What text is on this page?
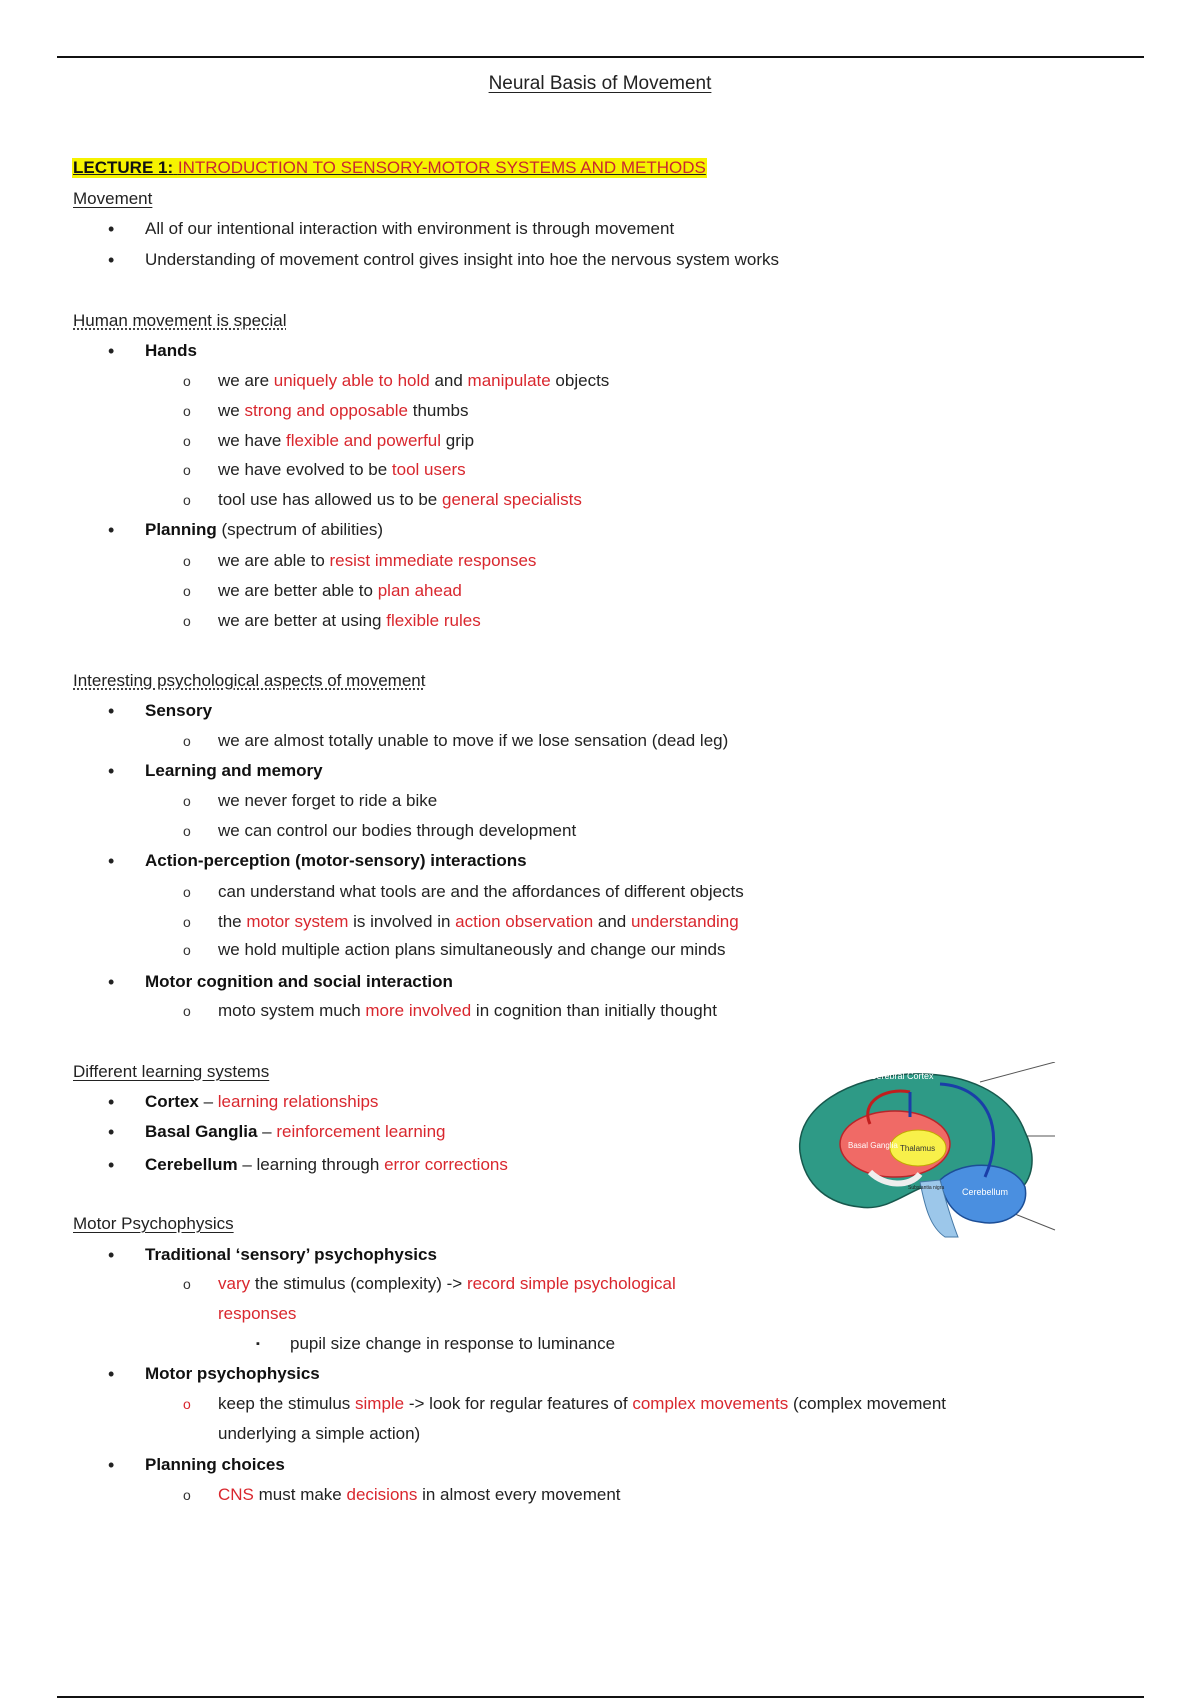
Neural Basis of Movement
LECTURE 1: INTRODUCTION TO SENSORY-MOTOR SYSTEMS AND METHODS
Movement
• All of our intentional interaction with environment is through movement
• Understanding of movement control gives insight into hoe the nervous system works
Human movement is special
• Hands
o we are uniquely able to hold and manipulate objects
o we strong and opposable thumbs
o we have flexible and powerful grip
o we have evolved to be tool users
o tool use has allowed us to be general specialists
• Planning (spectrum of abilities)
o we are able to resist immediate responses
o we are better able to plan ahead
o we are better at using flexible rules
Interesting psychological aspects of movement
• Sensory
o we are almost totally unable to move if we lose sensation (dead leg)
• Learning and memory
o we never forget to ride a bike
o we can control our bodies through development
• Action-perception (motor-sensory) interactions
o can understand what tools are and the affordances of different objects
o the motor system is involved in action observation and understanding
o we hold multiple action plans simultaneously and change our minds
• Motor cognition and social interaction
o moto system much more involved in cognition than initially thought
Different learning systems
• Cortex – learning relationships
• Basal Ganglia – reinforcement learning
• Cerebellum – learning through error corrections
Cerebral Cortex
Basal Ganglia Thalamus
Cerebellum
Substantia nigra
Motor Psychophysics
• Traditional ‘sensory’ psychophysics
o vary the stimulus (complexity) -> record simple psychological
responses
▪ pupil size change in response to luminance
• Motor psychophysics
o keep the stimulus simple -> look for regular features of complex movements (complex movement
underlying a simple action)
• Planning choices
o CNS must make decisions in almost every movement
